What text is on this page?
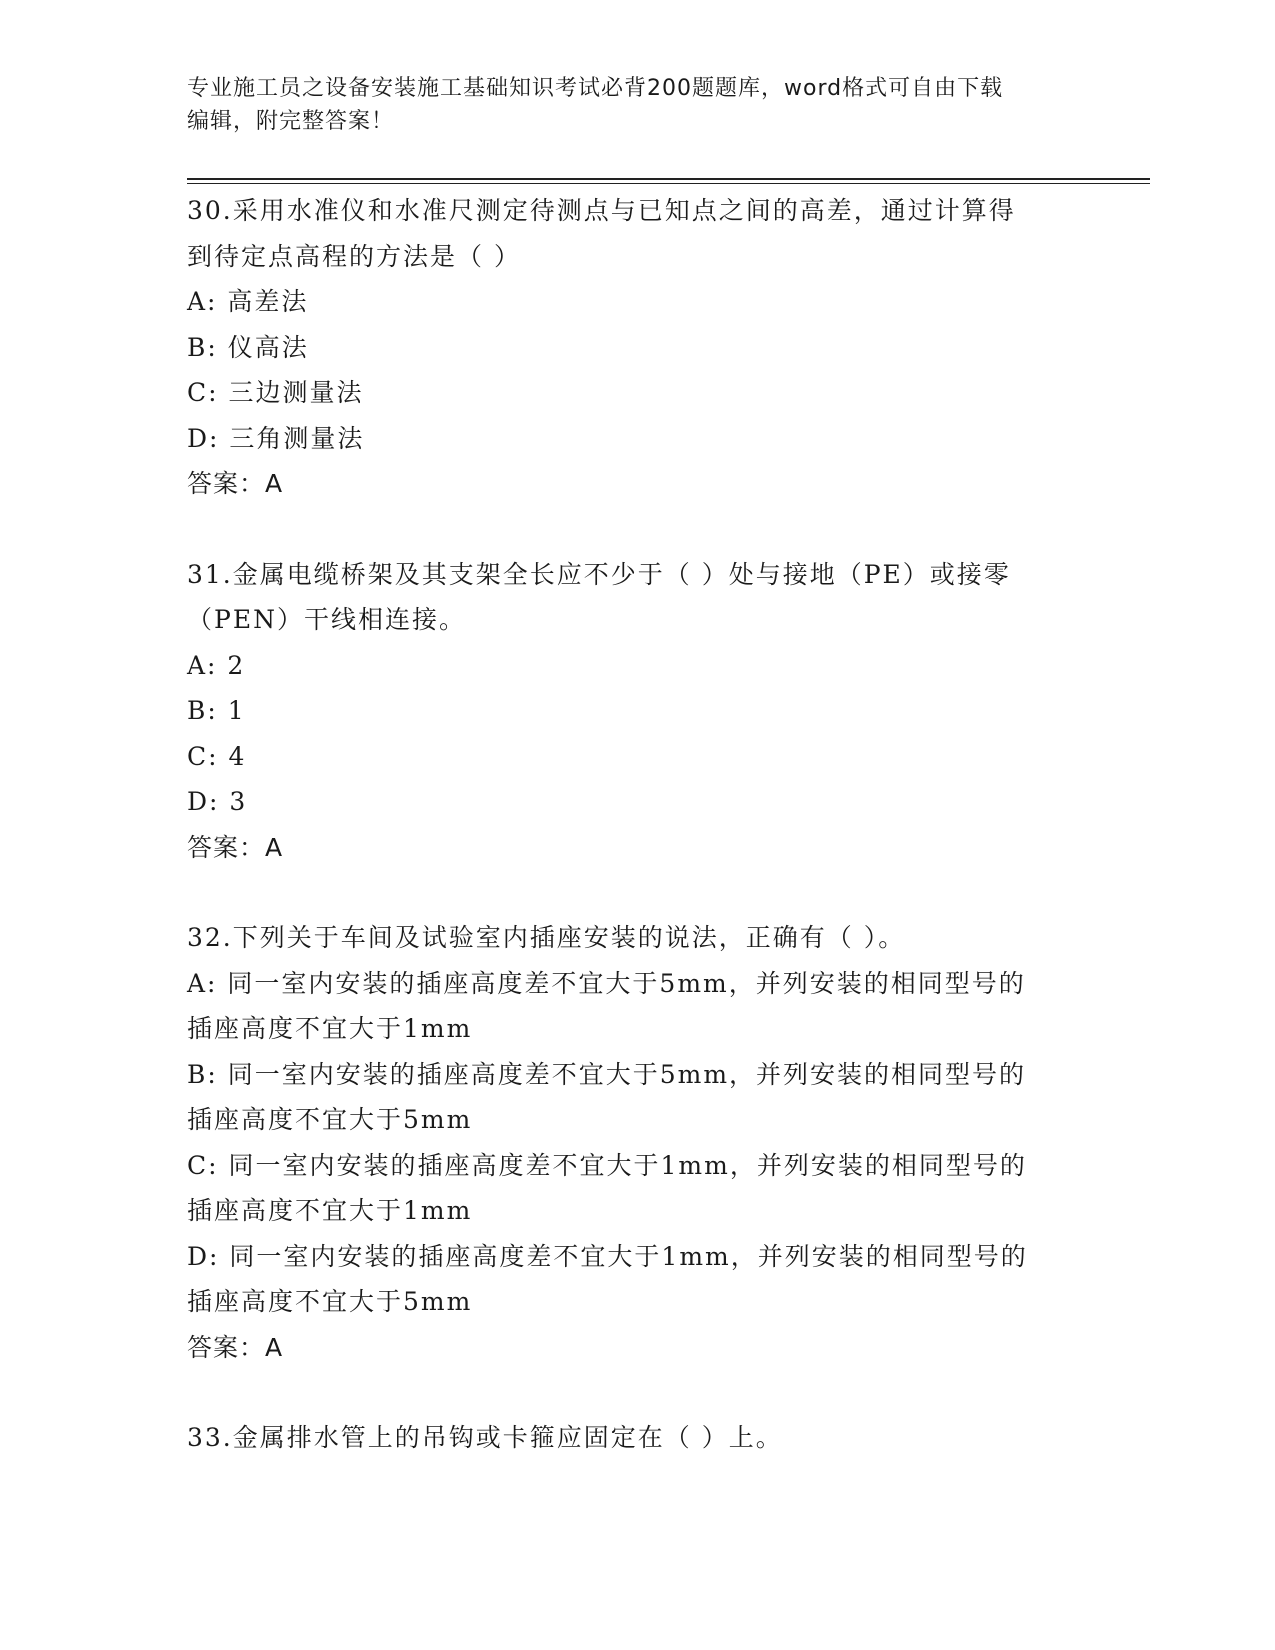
专业施工员之设备安装施工基础知识考试必背200题题库，word格式可自由下载
编辑，附完整答案！
30.采用水准仪和水准尺测定待测点与已知点之间的高差，通过计算得
到待定点高程的方法是（ ）
A: 高差法
B: 仪高法
C: 三边测量法
D: 三角测量法
答案：A
31.金属电缆桥架及其支架全长应不少于（ ）处与接地（PE）或接零
（PEN）干线相连接。
A: 2
B: 1
C: 4
D: 3
答案：A
32.下列关于车间及试验室内插座安装的说法，正确有（ ）。
A: 同一室内安装的插座高度差不宜大于5mm，并列安装的相同型号的
插座高度不宜大于1mm
B: 同一室内安装的插座高度差不宜大于5mm，并列安装的相同型号的
插座高度不宜大于5mm
C: 同一室内安装的插座高度差不宜大于1mm，并列安装的相同型号的
插座高度不宜大于1mm
D: 同一室内安装的插座高度差不宜大于1mm，并列安装的相同型号的
插座高度不宜大于5mm
答案：A
33.金属排水管上的吊钩或卡箍应固定在（ ）上。
